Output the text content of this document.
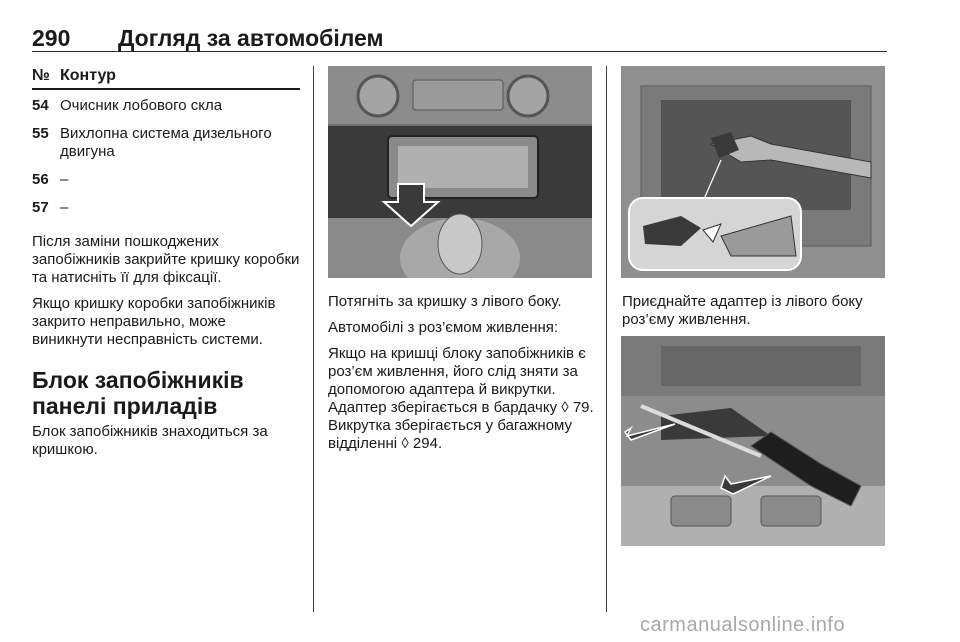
290 Догляд за автомобілем
№ Контур
54 Очисник лобового скла
55 Вихлопна система дизельного двигуна
56 –
57 –

Після заміни пошкоджених запобіжників закрийте кришку коробки та натисніть її для фіксації.

Якщо кришку коробки запобіжників закрито неправильно, може виникнути несправність системи.

Блок запобіжників панелі приладів

Блок запобіжників знаходиться за кришкою.

Потягніть за кришку з лівого боку.

Автомобілі з роз’ємом живлення:

Якщо на кришці блоку запобіжників є роз’єм живлення, його слід зняти за допомогою адаптера й викрутки. Адаптер зберігається в бардачку ◊ 79. Викрутка зберігається у багажному відділенні ◊ 294.

Приєднайте адаптер із лівого боку роз’єму живлення.

carmanualsonline.info
